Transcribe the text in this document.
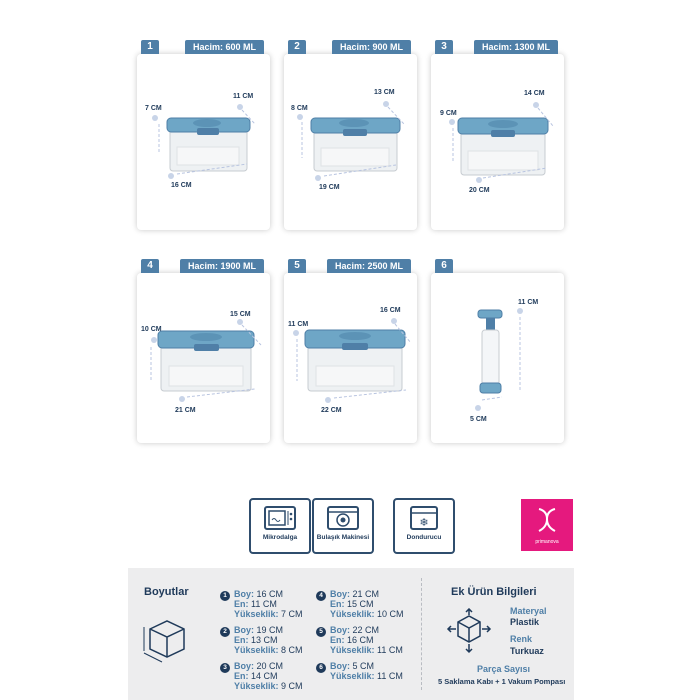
1	Hacim: 600 ML
7 CM
11 CM
16 CM
2	Hacim: 900 ML
8 CM
13 CM
19 CM
3	Hacim: 1300 ML
9 CM
14 CM
20 CM
4	Hacim: 1900 ML
10 CM
15 CM
21 CM
5	Hacim: 2500 ML
11 CM
16 CM
22 CM
6
11 CM
5 CM
Mikrodalga	Bulaşık Makinesi
❄
Dondurucu
primanova
Boyutlar	1 Boy: 16 CM
En: 11 CM
Yükseklik: 7 CM
2 Boy: 19 CM
En: 13 CM
Yükseklik: 8 CM
3 Boy: 20 CM
En: 14 CM
Yükseklik: 9 CM
4 Boy: 21 CM
En: 15 CM
Yükseklik: 10 CM
5 Boy: 22 CM
En: 16 CM
Yükseklik: 11 CM
6 Boy: 5 CM
Yükseklik: 11 CM
Ek Ürün Bilgileri
Materyal
Plastik
Renk
Turkuaz
Parça Sayısı
5 Saklama Kabı + 1 Vakum Pompası
